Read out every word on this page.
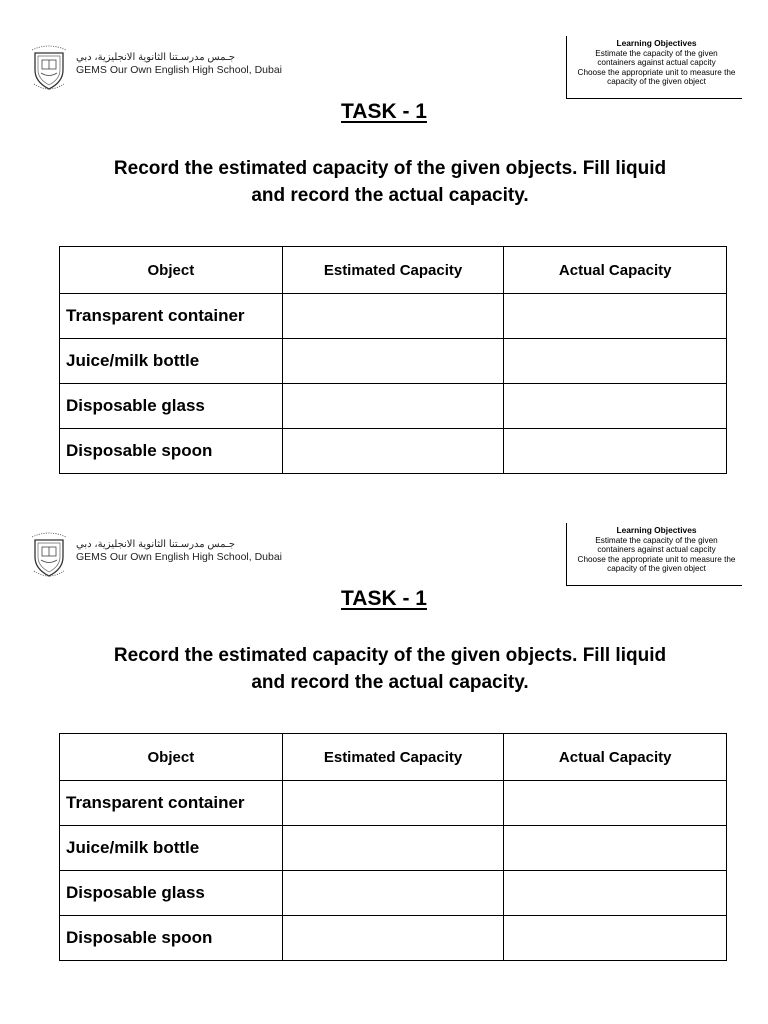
جـمس مدرسـتنا الثانوية الانجليزية، دبي
GEMS Our Own English High School, Dubai
Learning Objectives
Estimate the capacity of the given
containers against actual capcity
Choose the appropriate unit to measure the
capacity of the given object
TASK - 1
Record the estimated capacity of the given objects. Fill liquid
and record the actual capacity.
Object	Estimated Capacity	Actual Capacity
Transparent container		
Juice/milk bottle		
Disposable glass		
Disposable spoon		
جـمس مدرسـتنا الثانوية الانجليزية، دبي
GEMS Our Own English High School, Dubai
Learning Objectives
Estimate the capacity of the given
containers against actual capcity
Choose the appropriate unit to measure the
capacity of the given object
TASK - 1
Record the estimated capacity of the given objects. Fill liquid
and record the actual capacity.
Object	Estimated Capacity	Actual Capacity
Transparent container		
Juice/milk bottle		
Disposable glass		
Disposable spoon		
